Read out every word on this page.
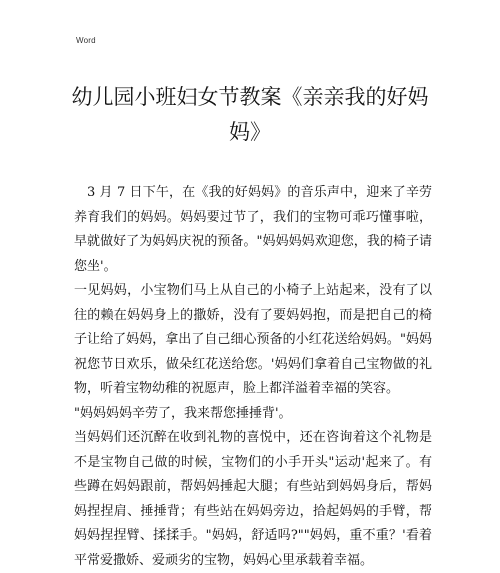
Word
幼儿园小班妇女节教案《亲亲我的好妈
妈》

3 月 7 日下午，在《我的好妈妈》的音乐声中，迎来了辛劳养育我们的妈妈。妈妈要过节了，我们的宝物可乖巧懂事啦，早就做好了为妈妈庆祝的预备。"妈妈妈妈欢迎您，我的椅子请您坐'。

一见妈妈，小宝物们马上从自己的小椅子上站起来，没有了以往的赖在妈妈身上的撒娇，没有了要妈妈抱，而是把自己的椅子让给了妈妈，拿出了自己细心预备的小红花送给妈妈。"妈妈祝您节日欢乐，做朵红花送给您。'妈妈们拿着自己宝物做的礼物，听着宝物幼稚的祝愿声，脸上都洋溢着幸福的笑容。

"妈妈妈妈辛劳了，我来帮您捶捶背'。

当妈妈们还沉醉在收到礼物的喜悦中，还在咨询着这个礼物是不是宝物自己做的时候，宝物们的小手开头"运动'起来了。有些蹲在妈妈跟前，帮妈妈捶起大腿；有些站到妈妈身后，帮妈妈捏捏肩、捶捶背；有些站在妈妈旁边，拾起妈妈的手臂，帮妈妈捏捏臂、揉揉手。"妈妈，舒适吗?""妈妈，重不重？'看着平常爱撒娇、爱顽劣的宝物，妈妈心里承载着幸福。
